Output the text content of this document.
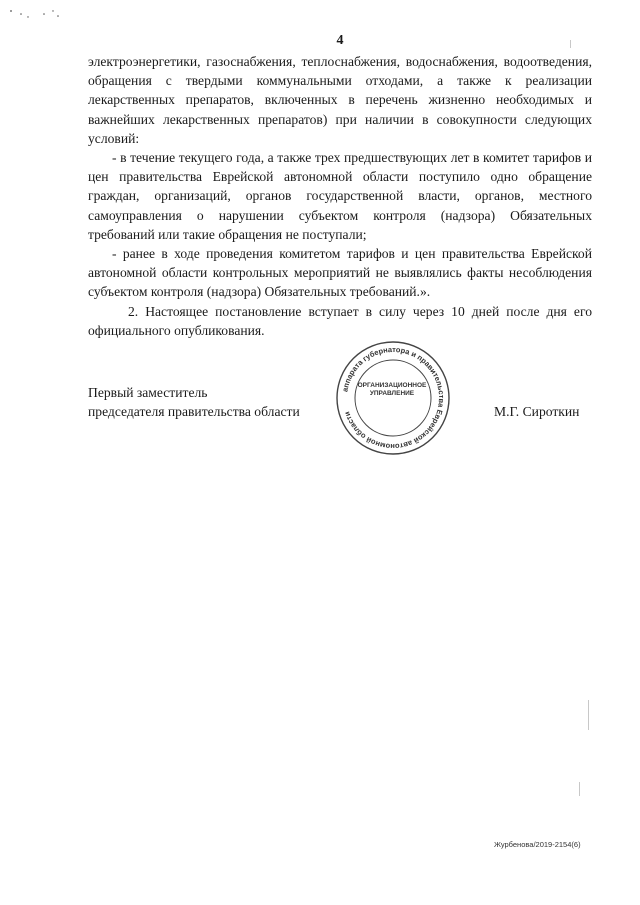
4

электроэнергетики, газоснабжения, теплоснабжения, водоснабжения, водоотведения, обращения с твердыми коммунальными отходами, а также к реализации лекарственных препаратов, включенных в перечень жизненно необходимых и важнейших лекарственных препаратов) при наличии в совокупности следующих условий:

- в течение текущего года, а также трех предшествующих лет в комитет тарифов и цен правительства Еврейской автономной области поступило одно обращение граждан, организаций, органов государственной власти, органов, местного самоуправления о нарушении субъектом контроля (надзора) Обязательных требований или такие обращения не поступали;

- ранее в ходе проведения комитетом тарифов и цен правительства Еврейской автономной области контрольных мероприятий не выявлялись факты несоблюдения субъектом контроля (надзора) Обязательных требований.».

2. Настоящее постановление вступает в силу через 10 дней после дня его официального опубликования.

Первый заместитель
председателя правительства области
аппарата губернатора и правительства Еврейской автономной области
ОРГАНИЗАЦИОННОЕ УПРАВЛЕНИЕ
М.Г. Сироткин
Журбенова/2019-2154(6)
